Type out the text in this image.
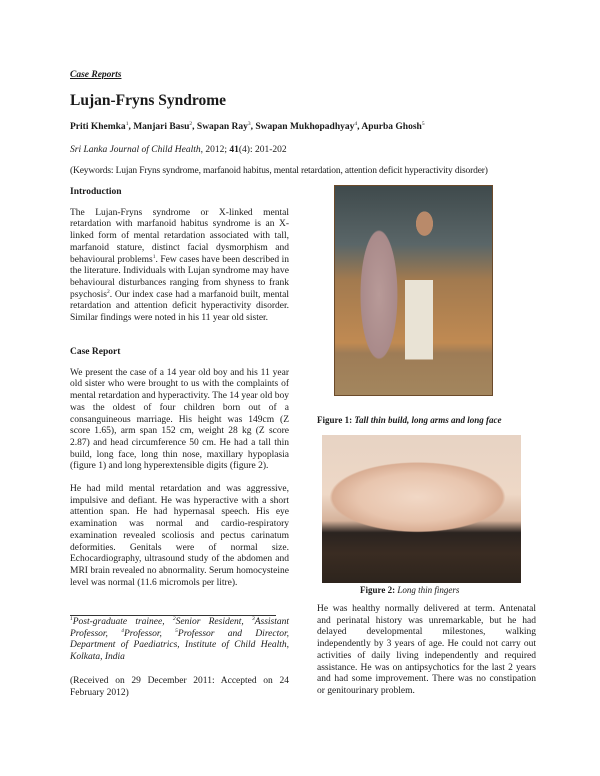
Case Reports
Lujan-Fryns Syndrome
Priti Khemka$^1$, Manjari Basu$^2$, Swapan Ray$^3$, Swapan Mukhopadhyay$^4$, Apurba Ghosh$^5$
Sri Lanka Journal of Child Health, 2012; 41(4): 201-202
(Keywords: Lujan Fryns syndrome, marfanoid habitus, mental retardation, attention deficit hyperactivity disorder)
Introduction
The Lujan-Fryns syndrome or X-linked mental retardation with marfanoid habitus syndrome is an X-linked form of mental retardation associated with tall, marfanoid stature, distinct facial dysmorphism and behavioural problems$^1$. Few cases have been described in the literature. Individuals with Lujan syndrome may have behavioural disturbances ranging from shyness to frank psychosis$^2$. Our index case had a marfanoid built, mental retardation and attention deficit hyperactivity disorder. Similar findings were noted in his 11 year old sister.
Case Report
We present the case of a 14 year old boy and his 11 year old sister who were brought to us with the complaints of mental retardation and hyperactivity. The 14 year old boy was the oldest of four children born out of a consanguineous marriage. His height was 149cm (Z score 1.65), arm span 152 cm, weight 28 kg (Z score 2.87) and head circumference 50 cm. He had a tall thin build, long face, long thin nose, maxillary hypoplasia (figure 1) and long hyperextensible digits (figure 2).
He had mild mental retardation and was aggressive, impulsive and defiant. He was hyperactive with a short attention span. He had hypernasal speech. His eye examination was normal and cardio-respiratory examination revealed scoliosis and pectus carinatum deformities. Genitals were of normal size. Echocardiography, ultrasound study of the abdomen and MRI brain revealed no abnormality. Serum homocysteine level was normal (11.6 micromols per litre).
$^1$Post-graduate trainee, $^2$Senior Resident, $^3$Assistant Professor, $^4$Professor, $^5$Professor and Director, Department of Paediatrics, Institute of Child Health, Kolkata, India
(Received on 29 December 2011: Accepted on 24 February 2012)
Figure 1: Tall thin build, long arms and long face
Figure 2: Long thin fingers
He was healthy normally delivered at term. Antenatal and perinatal history was unremarkable, but he had delayed developmental milestones, walking independently by 3 years of age. He could not carry out activities of daily living independently and required assistance. He was on antipsychotics for the last 2 years and had some improvement. There was no constipation or genitourinary problem.
